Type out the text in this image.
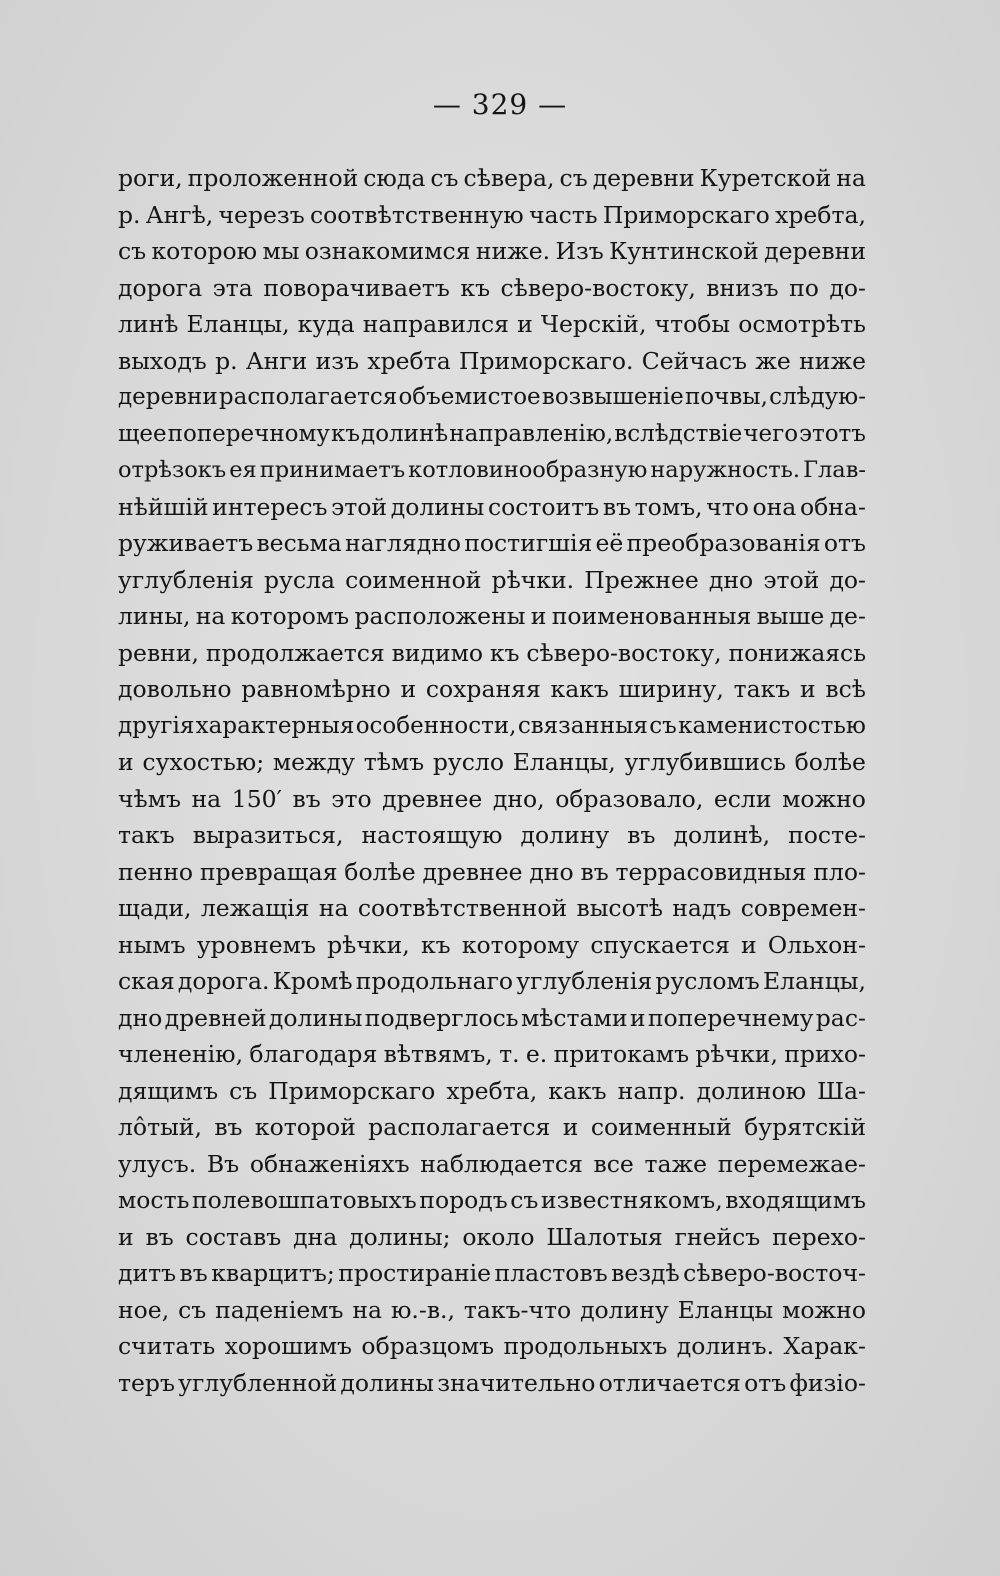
— 329 —
роги, проложенной сюда съ сѣвера, съ деревни Куретской на
р. Ангѣ, черезъ соотвѣтственную часть Приморскаго хребта,
съ которою мы ознакомимся ниже. Изъ Кунтинской деревни
дорога эта поворачиваетъ къ сѣверо-востоку, внизъ по до-
линѣ Еланцы, куда направился и Черскій, чтобы осмотрѣть
выходъ р. Анги изъ хребта Приморскаго. Сейчасъ же ниже
деревни располагается объемистое возвышеніе почвы, слѣдую-
щее поперечному къ долинѣ направленію, вслѣдствіе чего этотъ
отрѣзокъ ея принимаетъ котловинообразную наружность. Глав-
нѣйшій интересъ этой долины состоитъ въ томъ, что она обна-
руживаетъ весьма наглядно постигшія её преобразованія отъ
углубленія русла соименной рѣчки. Прежнее дно этой до-
лины, на которомъ расположены и поименованныя выше де-
ревни, продолжается видимо къ сѣверо-востоку, понижаясь
довольно равномѣрно и сохраняя какъ ширину, такъ и всѣ
другія характерныя особенности, связанныя съ каменистостью
и сухостью; между тѣмъ русло Еланцы, углубившись болѣе
чѣмъ на 150′ въ это древнее дно, образовало, если можно
такъ выразиться, настоящую долину въ долинѣ, посте-
пенно превращая болѣе древнее дно въ террасовидныя пло-
щади, лежащія на соотвѣтственной высотѣ надъ современ-
нымъ уровнемъ рѣчки, къ которому спускается и Ольхон-
ская дорога. Кромѣ продольнаго углубленія русломъ Еланцы,
дно древней долины подверглось мѣстами и поперечнему рас-
члененію, благодаря вѣтвямъ, т. е. притокамъ рѣчки, прихо-
дящимъ съ Приморскаго хребта, какъ напр. долиною Ша-
лôтый, въ которой располагается и соименный бурятскій
улусъ. Въ обнаженіяхъ наблюдается все таже перемежае-
мость полевошпатовыхъ породъ съ известнякомъ, входящимъ
и въ составъ дна долины; около Шалотыя гнейсъ перехо-
дитъ въ кварцитъ; простираніе пластовъ вездѣ сѣверо-восточ-
ное, съ паденіемъ на ю.-в., такъ-что долину Еланцы можно
считать хорошимъ образцомъ продольныхъ долинъ. Харак-
теръ углубленной долины значительно отличается отъ физіо-
